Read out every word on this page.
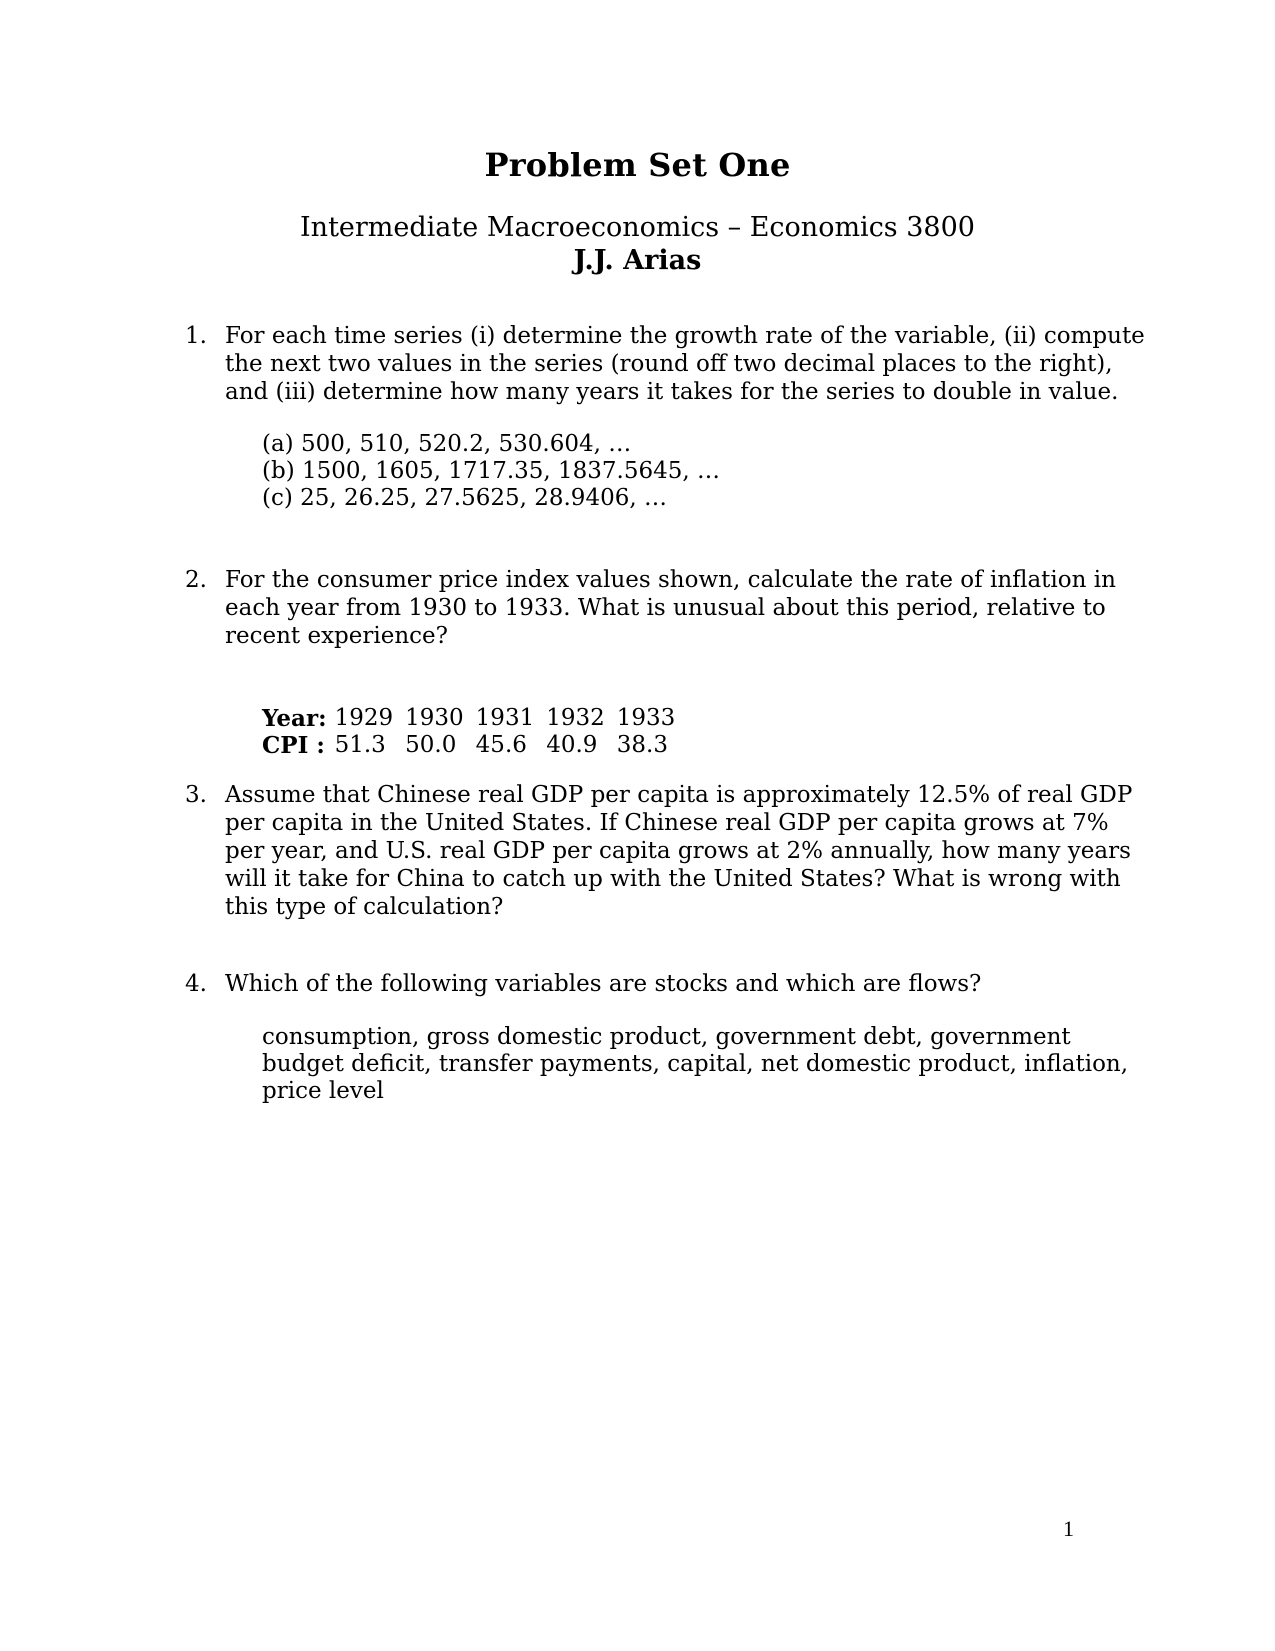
Problem Set One
Intermediate Macroeconomics – Economics 3800
J.J. Arias
1. For each time series (i) determine the growth rate of the variable, (ii) compute
the next two values in the series (round off two decimal places to the right),
and (iii) determine how many years it takes for the series to double in value.
(a) 500, 510, 520.2, 530.604, …
(b) 1500, 1605, 1717.35, 1837.5645, …
(c) 25, 26.25, 27.5625, 28.9406, …
2. For the consumer price index values shown, calculate the rate of inflation in
each year from 1930 to 1933. What is unusual about this period, relative to
recent experience?
Year:	1929	1930	1931	1932	1933
CPI :	51.3	50.0	45.6	40.9	38.3
3. Assume that Chinese real GDP per capita is approximately 12.5% of real GDP
per capita in the United States. If Chinese real GDP per capita grows at 7%
per year, and U.S. real GDP per capita grows at 2% annually, how many years
will it take for China to catch up with the United States? What is wrong with
this type of calculation?
4. Which of the following variables are stocks and which are flows?
consumption, gross domestic product, government debt, government
budget deficit, transfer payments, capital, net domestic product, inflation,
price level
1
